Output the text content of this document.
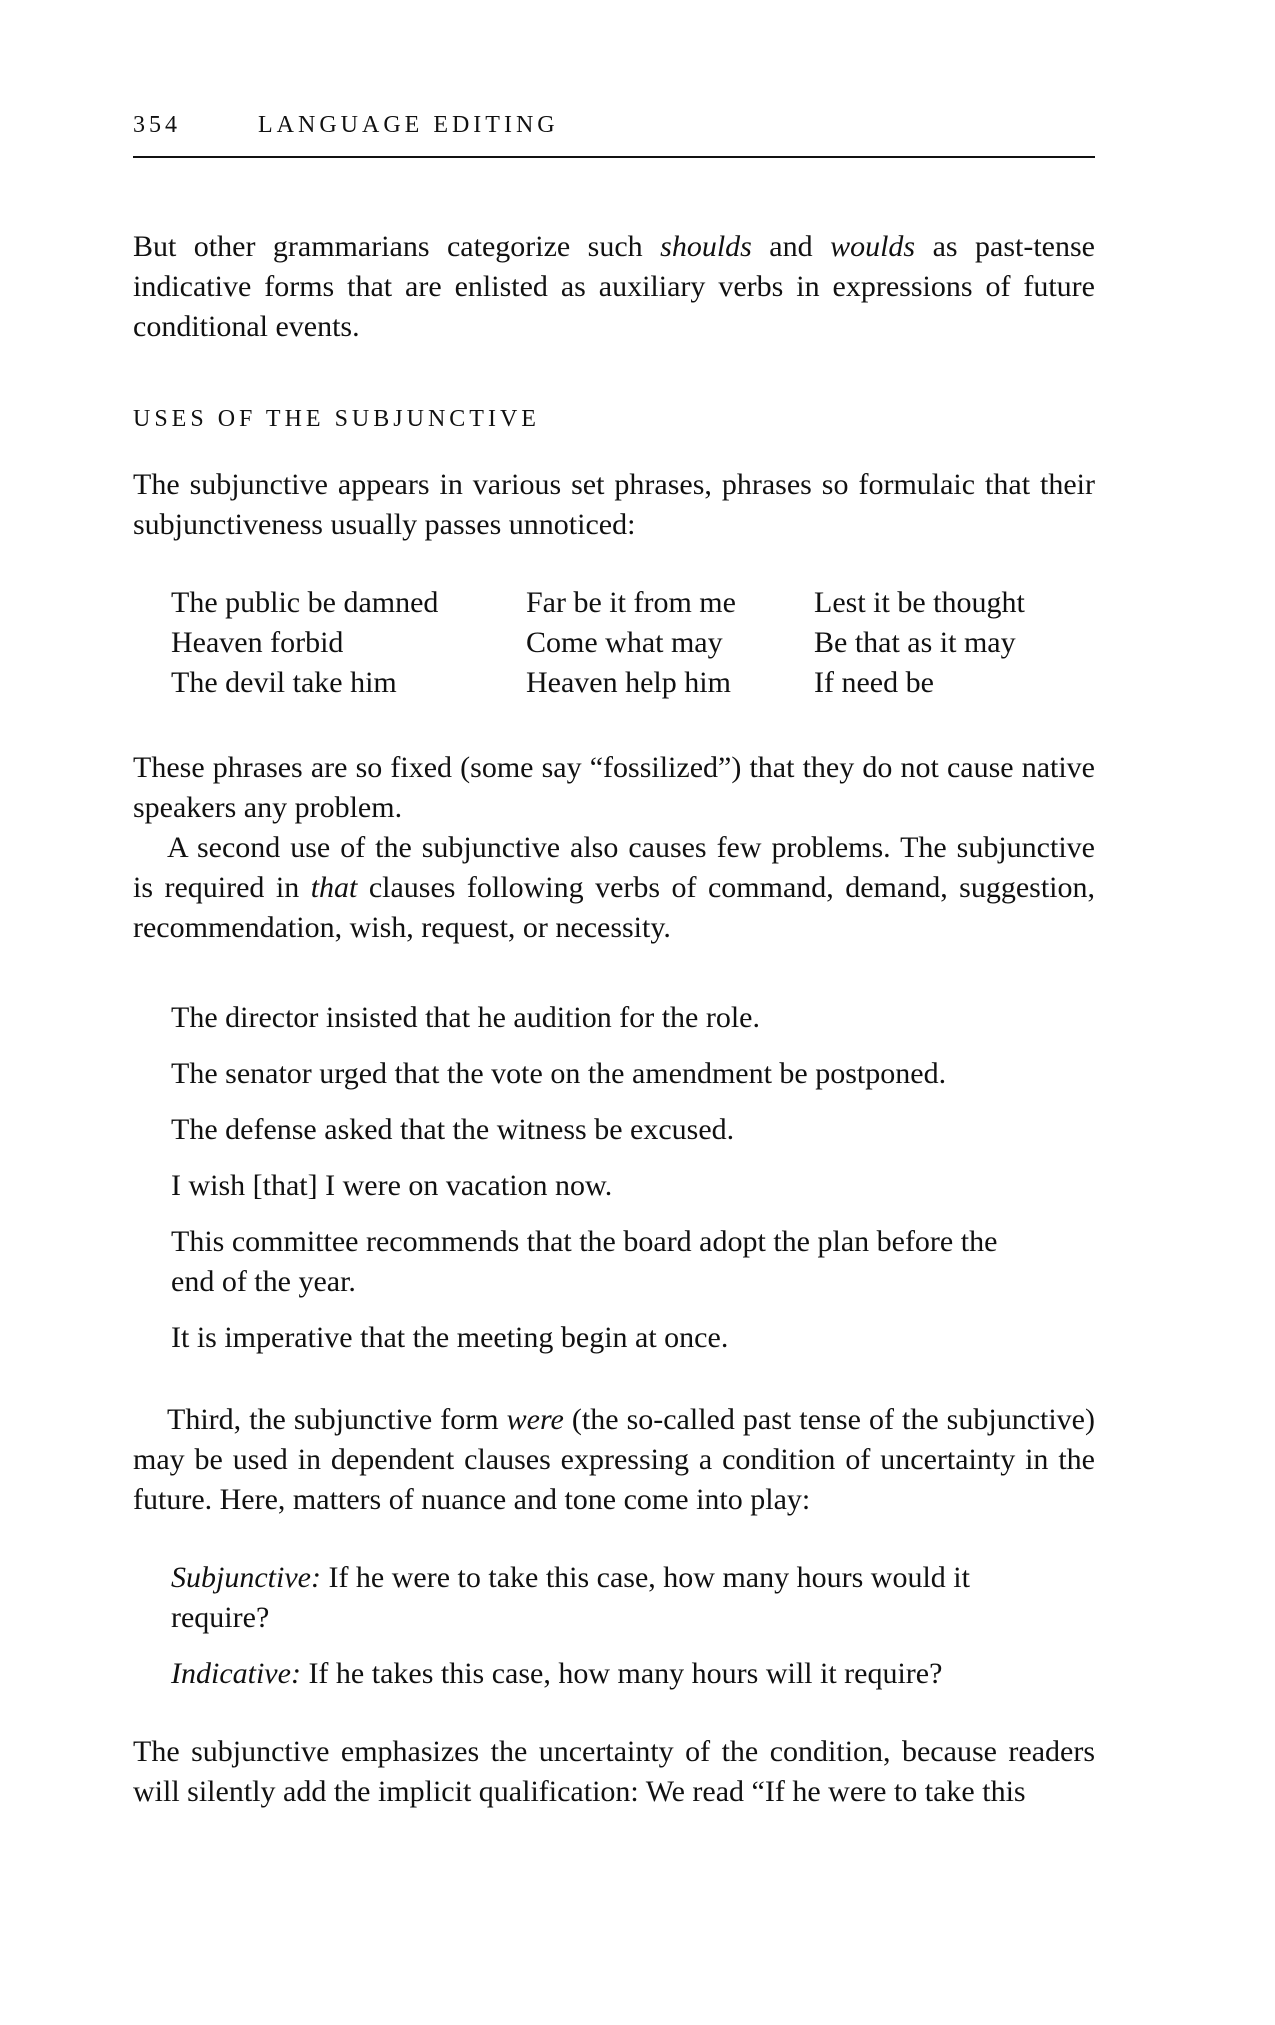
354	LANGUAGE EDITING

But other grammarians categorize such shoulds and woulds as past-tense indicative forms that are enlisted as auxiliary verbs in expressions of future conditional events.

USES OF THE SUBJUNCTIVE

The subjunctive appears in various set phrases, phrases so formulaic that their subjunctiveness usually passes unnoticed:

The public be damned
Heaven forbid
The devil take him
Far be it from me
Come what may
Heaven help him
Lest it be thought
Be that as it may
If need be

These phrases are so fixed (some say “fossilized”) that they do not cause native speakers any problem.

A second use of the subjunctive also causes few problems. The subjunctive is required in that clauses following verbs of command, demand, suggestion, recommendation, wish, request, or necessity.

The director insisted that he audition for the role.

The senator urged that the vote on the amendment be postponed.

The defense asked that the witness be excused.

I wish [that] I were on vacation now.

This committee recommends that the board adopt the plan before the end of the year.

It is imperative that the meeting begin at once.

Third, the subjunctive form were (the so-called past tense of the subjunctive) may be used in dependent clauses expressing a condition of uncertainty in the future. Here, matters of nuance and tone come into play:

Subjunctive: If he were to take this case, how many hours would it require?

Indicative: If he takes this case, how many hours will it require?

The subjunctive emphasizes the uncertainty of the condition, because readers will silently add the implicit qualification: We read “If he were to take this
